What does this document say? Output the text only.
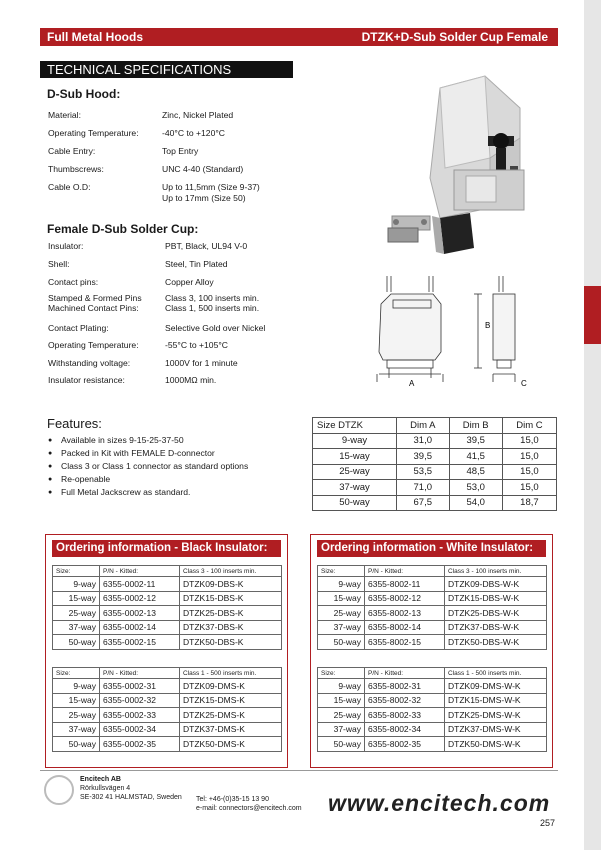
Full Metal Hoods	DTZK+D-Sub Solder Cup Female
TECHNICAL SPECIFICATIONS
D-Sub Hood:
Material:	Zinc, Nickel Plated
Operating Temperature:	-40°C to +120°C
Cable Entry:	Top Entry
Thumbscrews:	UNC 4-40 (Standard)
Cable O.D:	Up to 11,5mm (Size 9-37)
Up to 17mm (Size 50)
Female D-Sub Solder Cup:
Insulator:	PBT, Black, UL94 V-0
Shell:	Steel, Tin Plated
Contact pins:	Copper Alloy
Stamped & Formed Pins	Class 3, 100 inserts min.
Machined Contact Pins:	Class 1, 500 inserts min.
Contact Plating:	Selective Gold over Nickel
Operating Temperature:	-55°C to +105°C
Withstanding voltage:	1000V for 1 minute
Insulator resistance:	1000MΩ min.	A
B
C
Features:
● Available in sizes 9-15-25-37-50
● Packed in Kit with FEMALE D-connector
● Class 3 or Class 1 connector as standard options
● Re-openable
● Full Metal Jackscrew as standard.
Size DTZK	Dim A	Dim B	Dim C
9-way	31,0	39,5	15,0
15-way	39,5	41,5	15,0
25-way	53,5	48,5	15,0
37-way	71,0	53,0	15,0
50-way	67,5	54,0	18,7
Ordering information - Black Insulator:
Size:	P/N - Kitted:	Class 3 - 100 inserts min.
9-way	6355-0002-11	DTZK09-DBS-K
15-way	6355-0002-12	DTZK15-DBS-K
25-way	6355-0002-13	DTZK25-DBS-K
37-way	6355-0002-14	DTZK37-DBS-K
50-way	6355-0002-15	DTZK50-DBS-K
Size:	P/N - Kitted:	Class 1 - 500 inserts min.
9-way	6355-0002-31	DTZK09-DMS-K
15-way	6355-0002-32	DTZK15-DMS-K
25-way	6355-0002-33	DTZK25-DMS-K
37-way	6355-0002-34	DTZK37-DMS-K
50-way	6355-0002-35	DTZK50-DMS-K
Ordering information - White Insulator:
Size:	P/N - Kitted:	Class 3 - 100 inserts min.
9-way	6355-8002-11	DTZK09-DBS-W-K
15-way	6355-8002-12	DTZK15-DBS-W-K
25-way	6355-8002-13	DTZK25-DBS-W-K
37-way	6355-8002-14	DTZK37-DBS-W-K
50-way	6355-8002-15	DTZK50-DBS-W-K
Size:	P/N - Kitted:	Class 1 - 500 inserts min.
9-way	6355-8002-31	DTZK09-DMS-W-K
15-way	6355-8002-32	DTZK15-DMS-W-K
25-way	6355-8002-33	DTZK25-DMS-W-K
37-way	6355-8002-34	DTZK37-DMS-W-K
50-way	6355-8002-35	DTZK50-DMS-W-K
Encitech AB
Rörkullsvägen 4
SE-302 41 HALMSTAD, Sweden Tel: +46-(0)35-15 13 90
e-mail: connectors@encitech.com www.encitech.com
257
